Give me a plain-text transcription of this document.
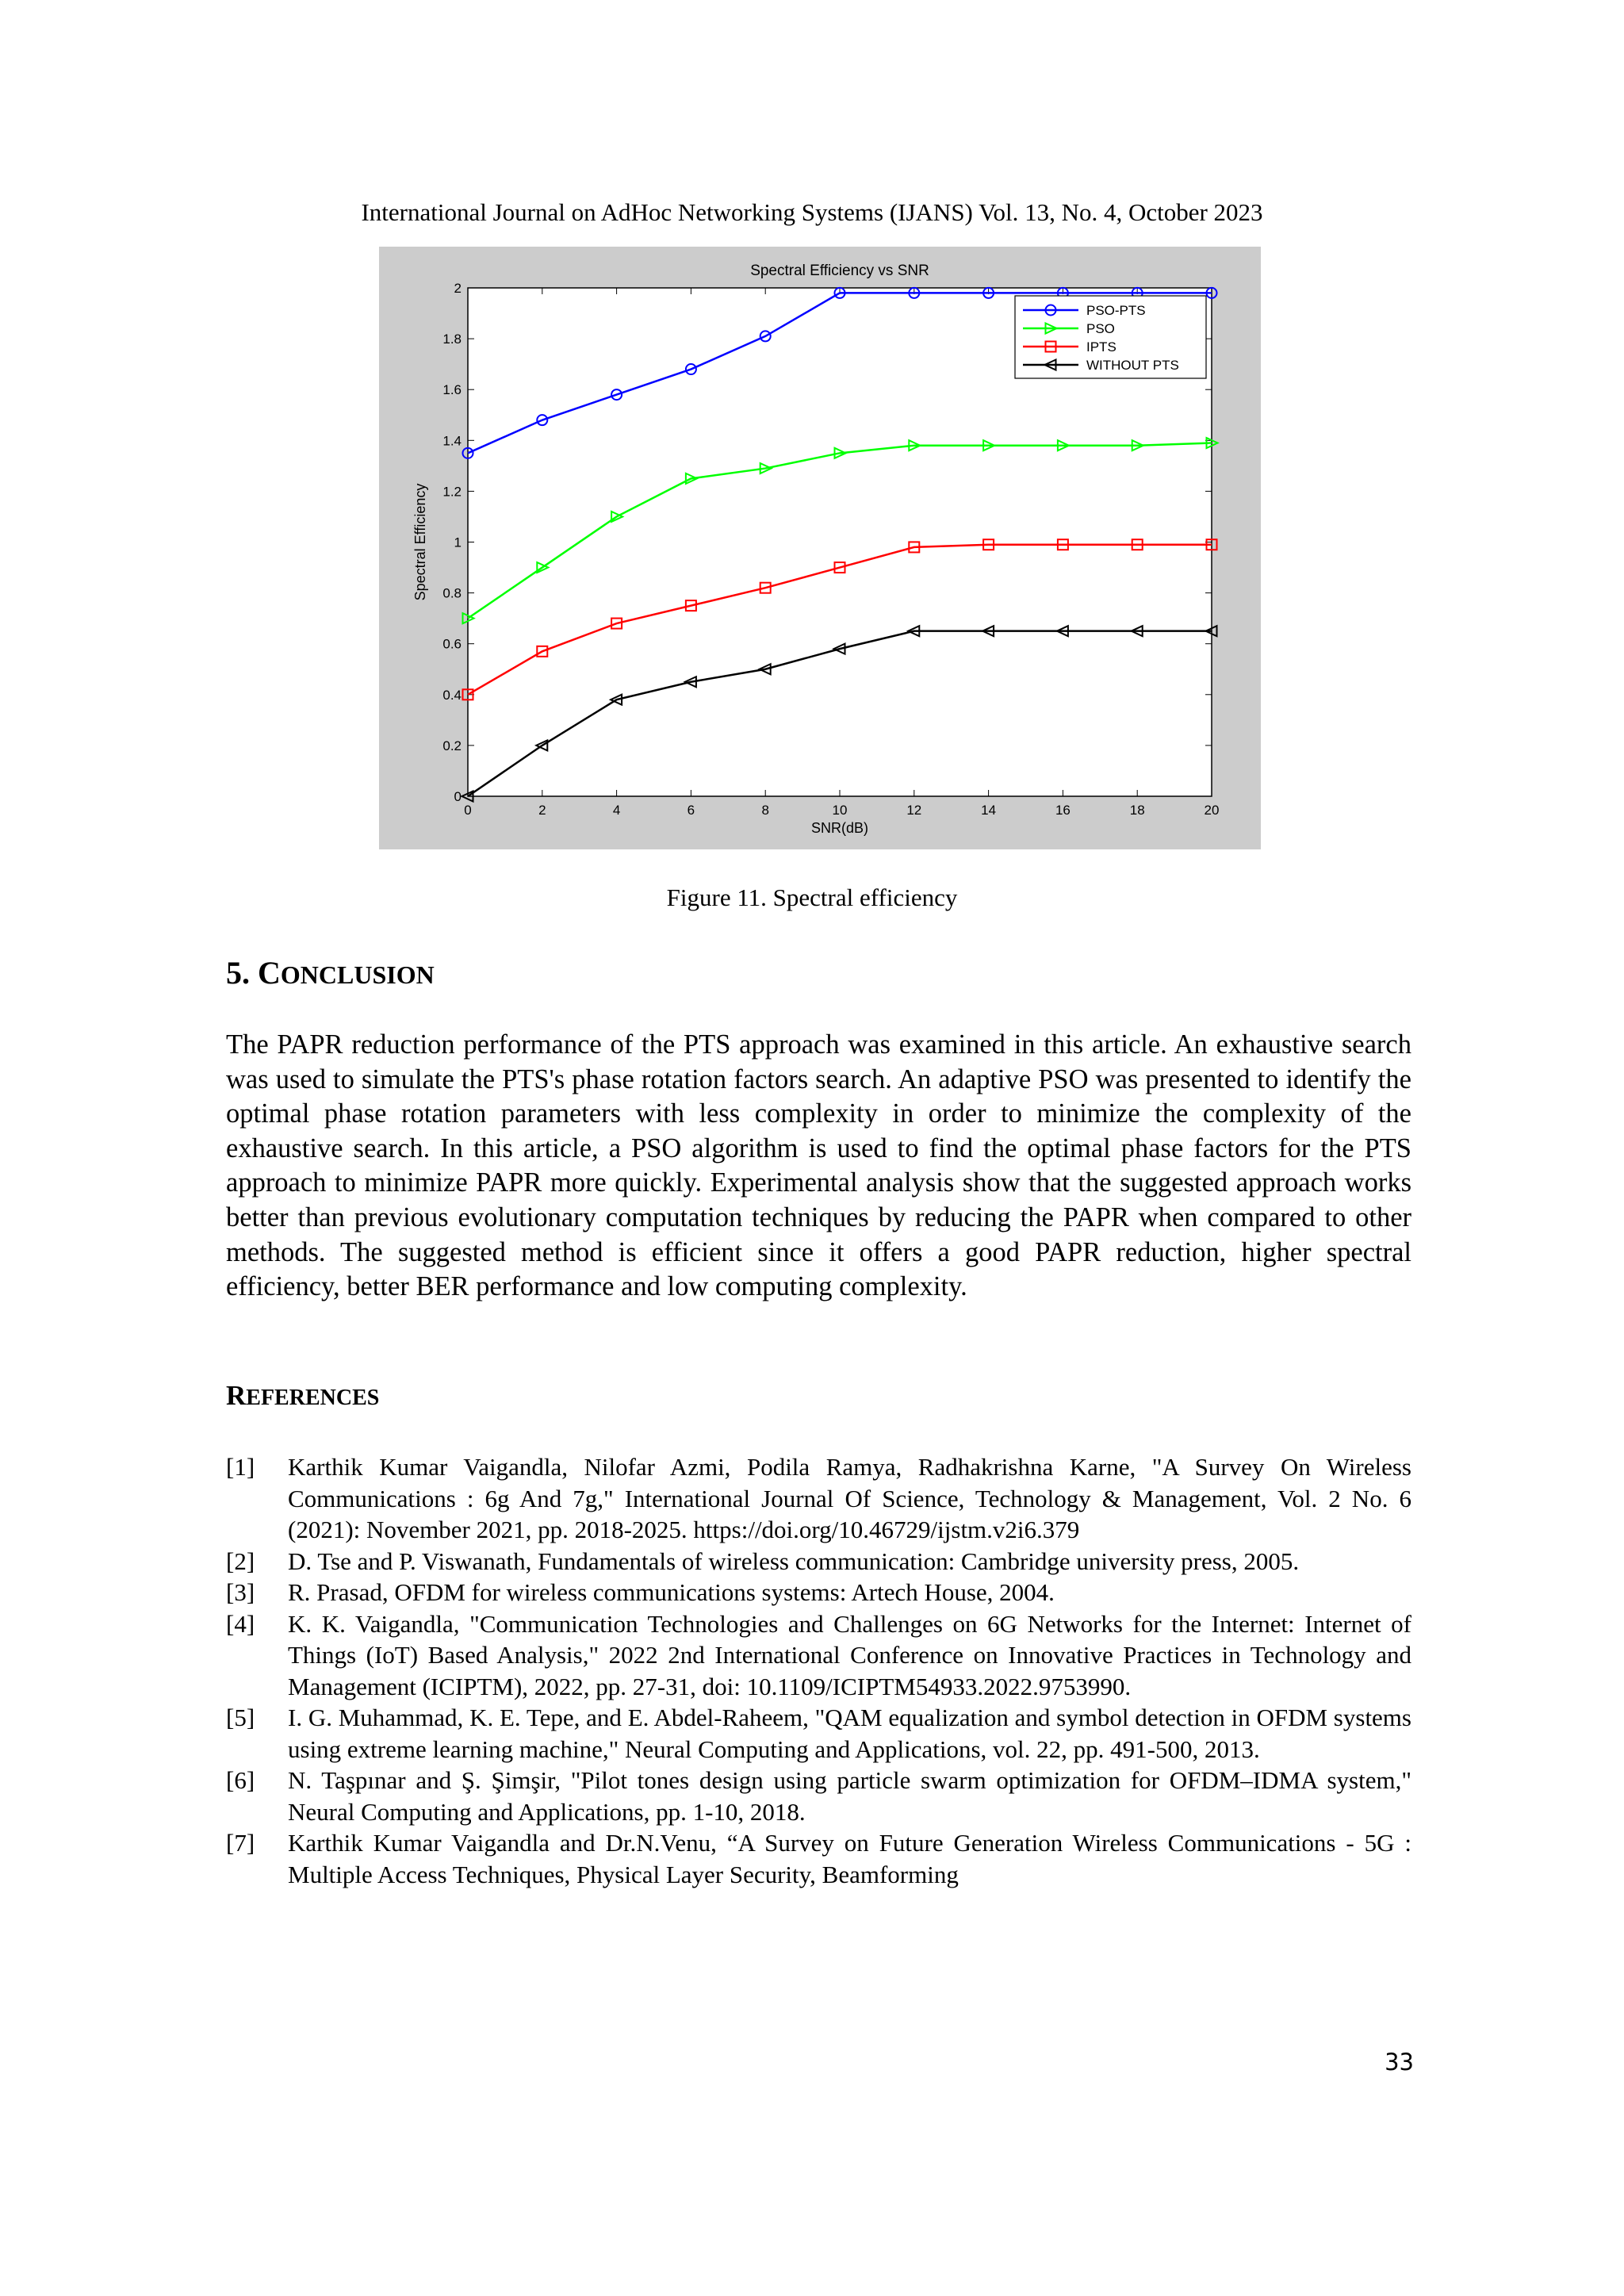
International Journal on AdHoc Networking Systems (IJANS) Vol. 13, No. 4, October 2023
Spectral Efficiency vs SNR
0	2	4	6	8	10	12	14	16	18	20
0
0.2
0.4
0.6
0.8
1
1.2
1.4
1.6
1.8
2
SNR(dB)
Spectral Efficiency
PSO-PTS
PSO
IPTS
WITHOUT PTS
Figure 11. Spectral efficiency
5. CONCLUSION

The PAPR reduction performance of the PTS approach was examined in this article. An exhaustive search was used to simulate the PTS's phase rotation factors search. An adaptive PSO was presented to identify the optimal phase rotation parameters with less complexity in order to minimize the complexity of the exhaustive search. In this article, a PSO algorithm is used to find the optimal phase factors for the PTS approach to minimize PAPR more quickly. Experimental analysis show that the suggested approach works better than previous evolutionary computation techniques by reducing the PAPR when compared to other methods. The suggested method is efficient since it offers a good PAPR reduction, higher spectral efficiency, better BER performance and low computing complexity.

REFERENCES
[1] Karthik Kumar Vaigandla, Nilofar Azmi, Podila Ramya, Radhakrishna Karne, "A Survey On Wireless Communications : 6g And 7g," International Journal Of Science, Technology & Management, Vol. 2 No. 6 (2021): November 2021, pp. 2018-2025. https://doi.org/10.46729/ijstm.v2i6.379
[2] D. Tse and P. Viswanath, Fundamentals of wireless communication: Cambridge university press, 2005.
[3] R. Prasad, OFDM for wireless communications systems: Artech House, 2004.
[4] K. K. Vaigandla, "Communication Technologies and Challenges on 6G Networks for the Internet: Internet of Things (IoT) Based Analysis," 2022 2nd International Conference on Innovative Practices in Technology and Management (ICIPTM), 2022, pp. 27-31, doi: 10.1109/ICIPTM54933.2022.9753990.
[5] I. G. Muhammad, K. E. Tepe, and E. Abdel-Raheem, "QAM equalization and symbol detection in OFDM systems using extreme learning machine," Neural Computing and Applications, vol. 22, pp. 491-500, 2013.
[6] N. Taşpınar and Ş. Şimşir, "Pilot tones design using particle swarm optimization for OFDM–IDMA system," Neural Computing and Applications, pp. 1-10, 2018.
[7] Karthik Kumar Vaigandla and Dr.N.Venu, “A Survey on Future Generation Wireless Communications - 5G : Multiple Access Techniques, Physical Layer Security, Beamforming
33
